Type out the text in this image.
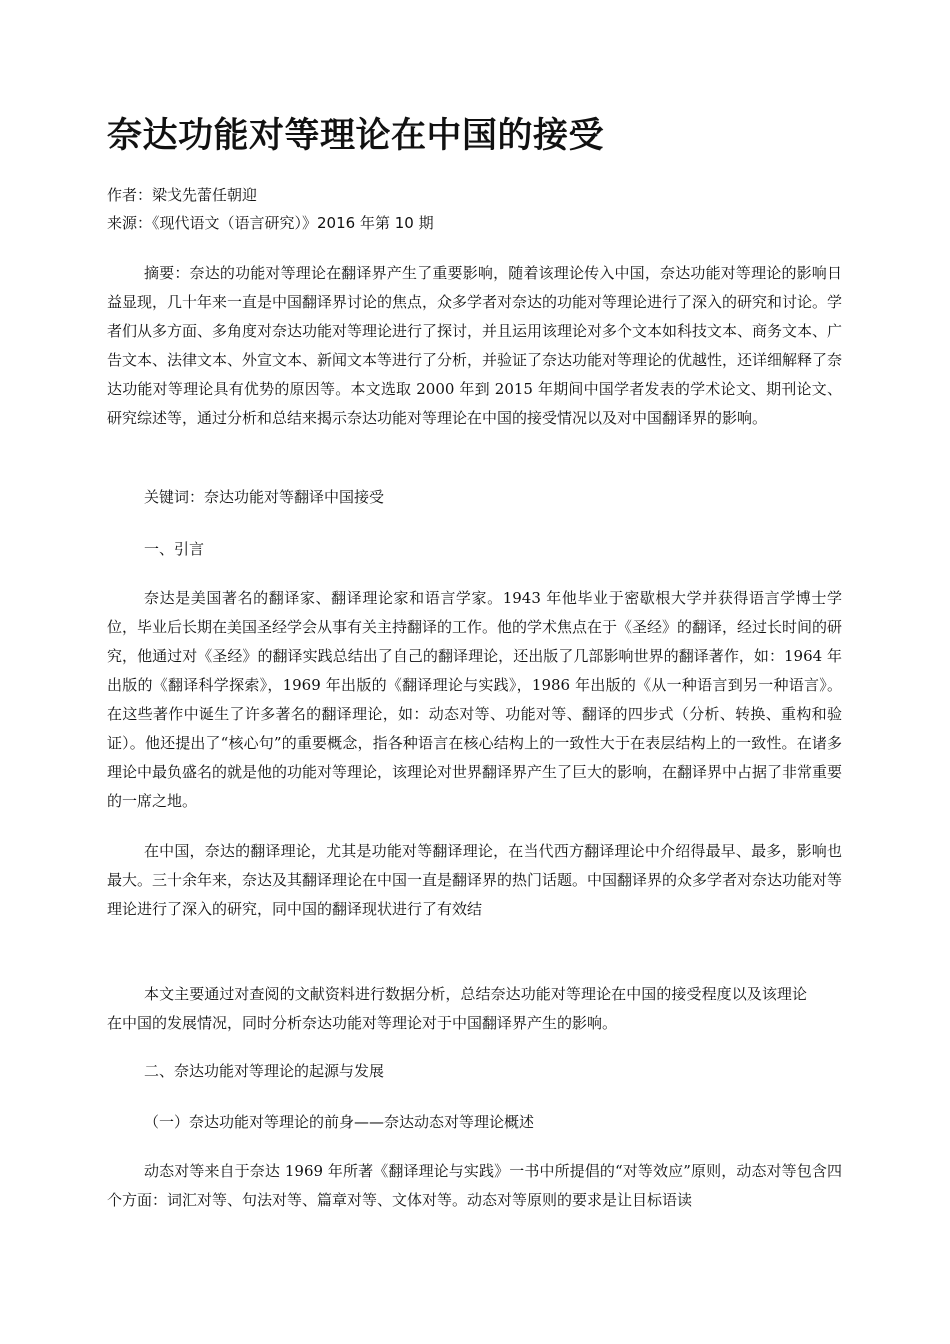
奈达功能对等理论在中国的接受
作者：梁戈先蕾任朝迎
来源：《现代语文（语言研究）》2016 年第 10 期

摘要：奈达的功能对等理论在翻译界产生了重要影响，随着该理论传入中国，奈达功能对等理论的影响日益显现，几十年来一直是中国翻译界讨论的焦点，众多学者对奈达的功能对等理论进行了深入的研究和讨论。学者们从多方面、多角度对奈达功能对等理论进行了探讨，并且运用该理论对多个文本如科技文本、商务文本、广告文本、法律文本、外宣文本、新闻文本等进行了分析，并验证了奈达功能对等理论的优越性，还详细解释了奈达功能对等理论具有优势的原因等。本文选取 2000 年到 2015 年期间中国学者发表的学术论文、期刊论文、研究综述等，通过分析和总结来揭示奈达功能对等理论在中国的接受情况以及对中国翻译界的影响。

关键词：奈达功能对等翻译中国接受
一、引言

奈达是美国著名的翻译家、翻译理论家和语言学家。1943 年他毕业于密歇根大学并获得语言学博士学位，毕业后长期在美国圣经学会从事有关主持翻译的工作。他的学术焦点在于《圣经》的翻译，经过长时间的研究，他通过对《圣经》的翻译实践总结出了自己的翻译理论，还出版了几部影响世界的翻译著作，如：1964 年出版的《翻译科学探索》，1969 年出版的《翻译理论与实践》，1986 年出版的《从一种语言到另一种语言》。在这些著作中诞生了许多著名的翻译理论，如：动态对等、功能对等、翻译的四步式（分析、转换、重构和验证）。他还提出了“核心句”的重要概念，指各种语言在核心结构上的一致性大于在表层结构上的一致性。在诸多理论中最负盛名的就是他的功能对等理论，该理论对世界翻译界产生了巨大的影响，在翻译界中占据了非常重要的一席之地。

在中国，奈达的翻译理论，尤其是功能对等翻译理论，在当代西方翻译理论中介绍得最早、最多，影响也最大。三十余年来，奈达及其翻译理论在中国一直是翻译界的热门话题。中国翻译界的众多学者对奈达功能对等理论进行了深入的研究，同中国的翻译现状进行了有效结

本文主要通过对查阅的文献资料进行数据分析，总结奈达功能对等理论在中国的接受程度以及该理论在中国的发展情况，同时分析奈达功能对等理论对于中国翻译界产生的影响。

二、奈达功能对等理论的起源与发展
（一）奈达功能对等理论的前身——奈达动态对等理论概述

动态对等来自于奈达 1969 年所著《翻译理论与实践》一书中所提倡的“对等效应”原则，动态对等包含四个方面：词汇对等、句法对等、篇章对等、文体对等。动态对等原则的要求是让目标语读
